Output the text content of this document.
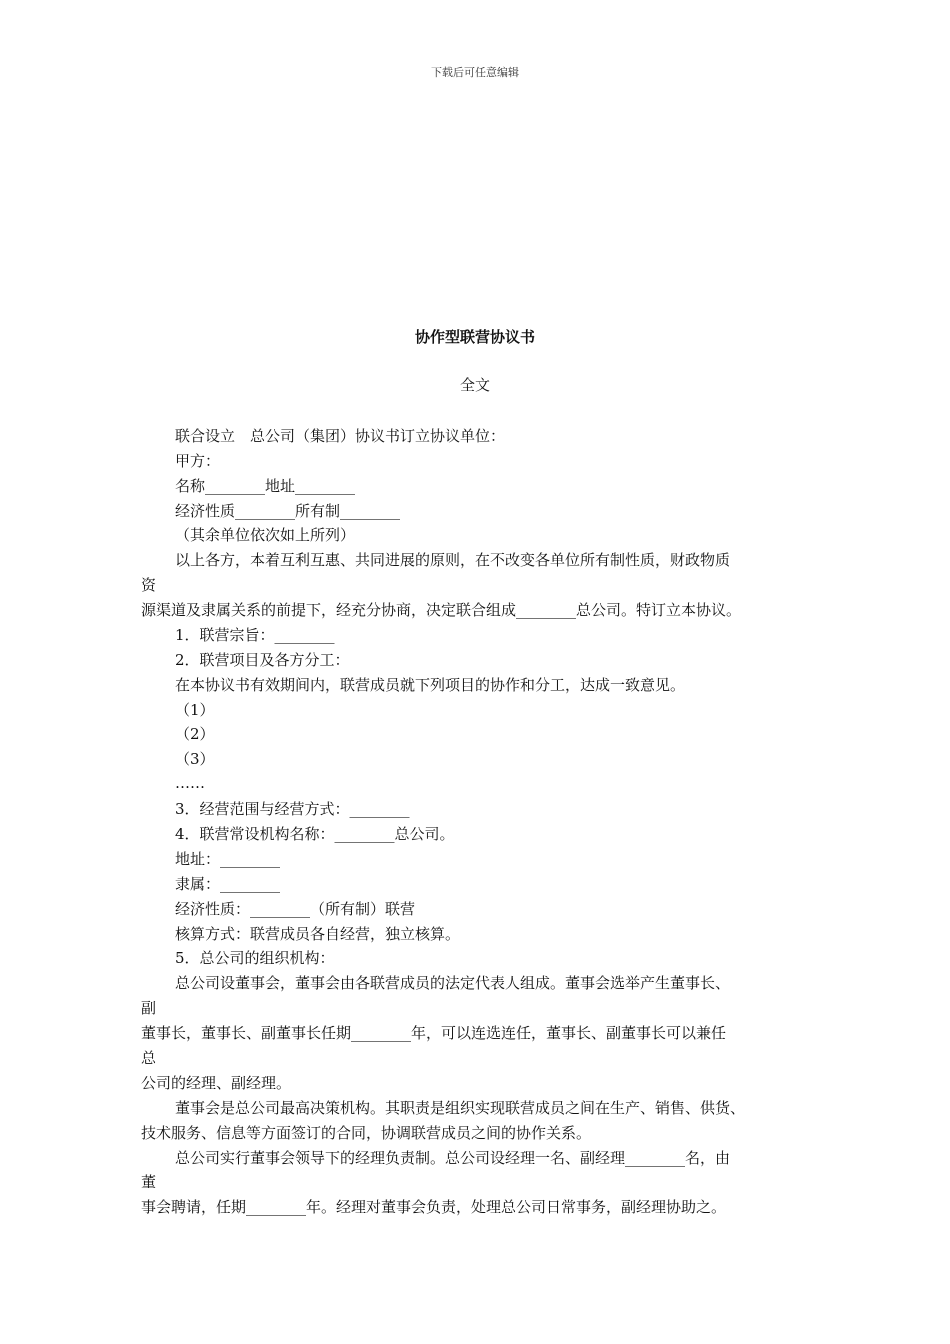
下载后可任意编辑
协作型联营协议书
全文
联合设立　总公司（集团）协议书订立协议单位：
甲方：
名称________地址________
经济性质________所有制________
（其余单位依次如上所列）
以上各方，本着互利互惠、共同进展的原则，在不改变各单位所有制性质，财政物质
资
源渠道及隶属关系的前提下，经充分协商，决定联合组成________总公司。特订立本协议。
1．联营宗旨：________
2．联营项目及各方分工：
在本协议书有效期间内，联营成员就下列项目的协作和分工，达成一致意见。
（1）
（2）
（3）
……
3．经营范围与经营方式：________
4．联营常设机构名称：________总公司。
地址：________
隶属：________
经济性质：________（所有制）联营
核算方式：联营成员各自经营，独立核算。
5．总公司的组织机构：
总公司设董事会，董事会由各联营成员的法定代表人组成。董事会选举产生董事长、
副
董事长，董事长、副董事长任期________年，可以连选连任，董事长、副董事长可以兼任
总
公司的经理、副经理。
董事会是总公司最高决策机构。其职责是组织实现联营成员之间在生产、销售、供货、
技术服务、信息等方面签订的合同，协调联营成员之间的协作关系。
总公司实行董事会领导下的经理负责制。总公司设经理一名、副经理________名，由
董
事会聘请，任期________年。经理对董事会负责，处理总公司日常事务，副经理协助之。
